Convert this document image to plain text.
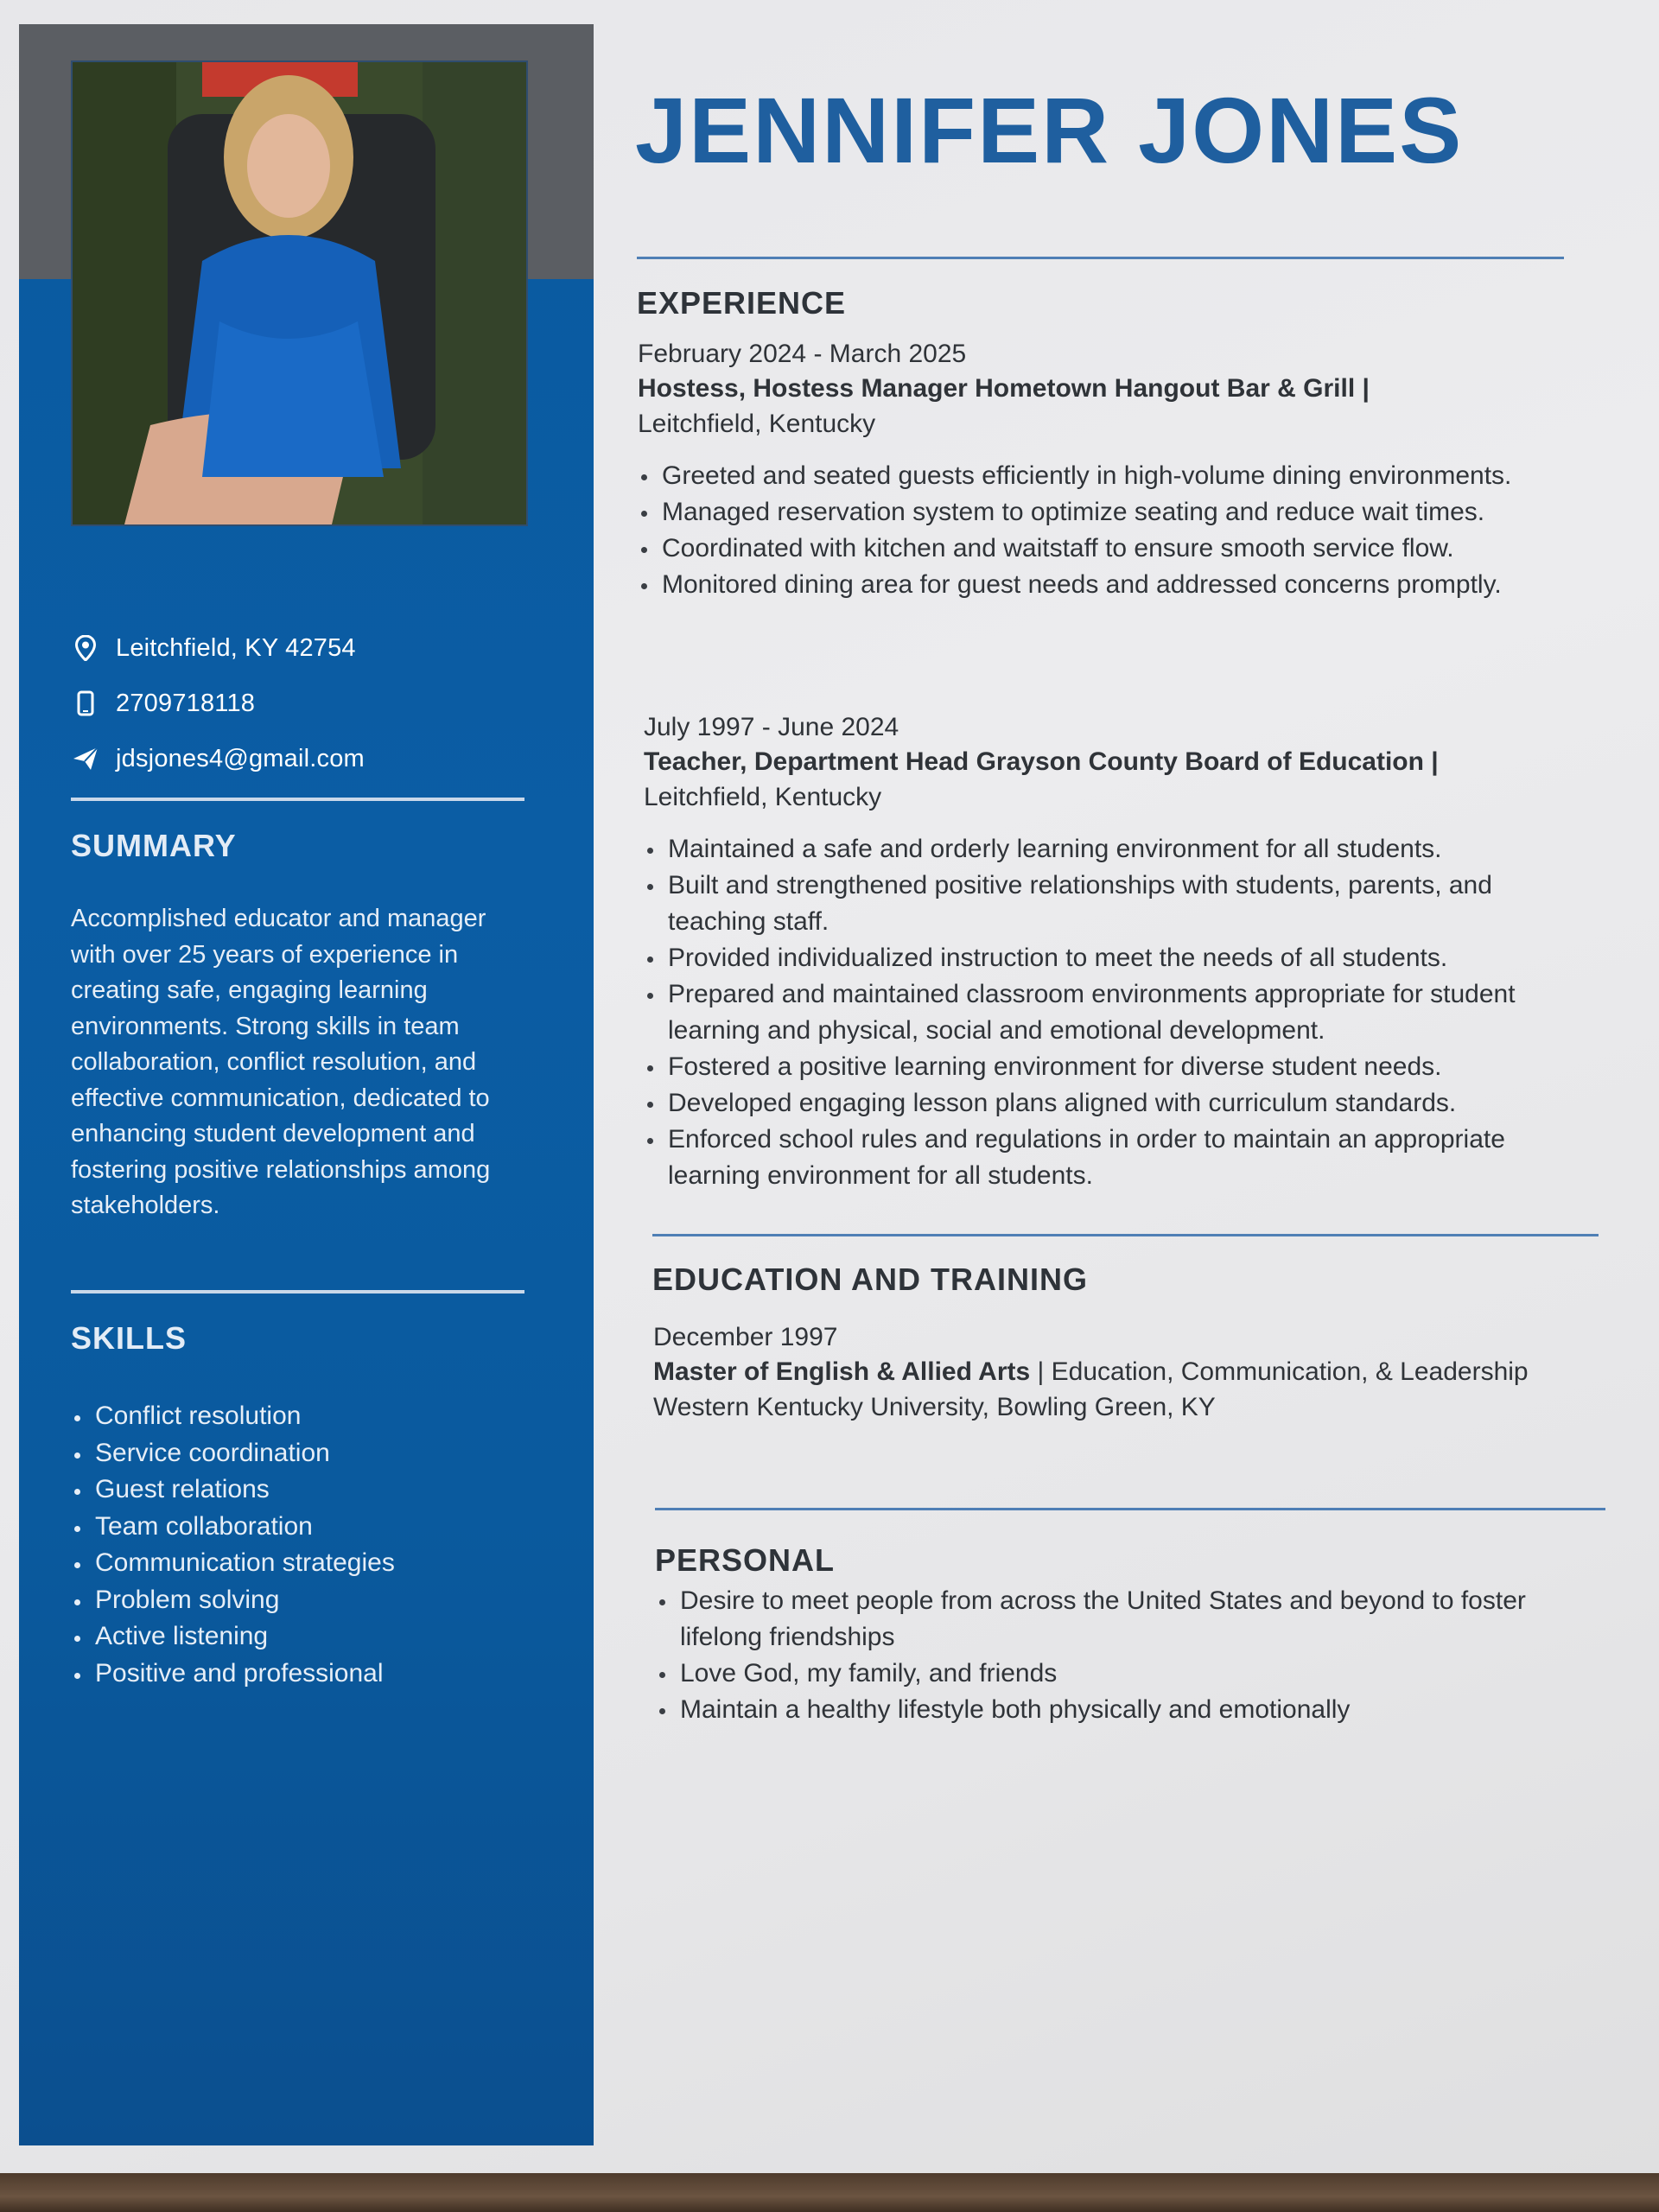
Leitchfield, KY 42754
2709718118
jdsjones4@gmail.com
SUMMARY
Accomplished educator and manager with over 25 years of experience in creating safe, engaging learning environments. Strong skills in team collaboration, conflict resolution, and effective communication, dedicated to enhancing student development and fostering positive relationships among stakeholders.
SKILLS
Conflict resolution
Service coordination
Guest relations
Team collaboration
Communication strategies
Problem solving
Active listening
Positive and professional
JENNIFER JONES
EXPERIENCE
February 2024 - March 2025
Hostess, Hostess Manager Hometown Hangout Bar & Grill |
Leitchfield, Kentucky
Greeted and seated guests efficiently in high-volume dining environments.
Managed reservation system to optimize seating and reduce wait times.
Coordinated with kitchen and waitstaff to ensure smooth service flow.
Monitored dining area for guest needs and addressed concerns promptly.
July 1997 - June 2024
Teacher, Department Head Grayson County Board of Education |
Leitchfield, Kentucky
Maintained a safe and orderly learning environment for all students.
Built and strengthened positive relationships with students, parents, and teaching staff.
Provided individualized instruction to meet the needs of all students.
Prepared and maintained classroom environments appropriate for student learning and physical, social and emotional development.
Fostered a positive learning environment for diverse student needs.
Developed engaging lesson plans aligned with curriculum standards.
Enforced school rules and regulations in order to maintain an appropriate learning environment for all students.
EDUCATION AND TRAINING
December 1997
Master of English & Allied Arts | Education, Communication, & Leadership
Western Kentucky University, Bowling Green, KY
PERSONAL
Desire to meet people from across the United States and beyond to foster lifelong friendships
Love God, my family, and friends
Maintain a healthy lifestyle both physically and emotionally
